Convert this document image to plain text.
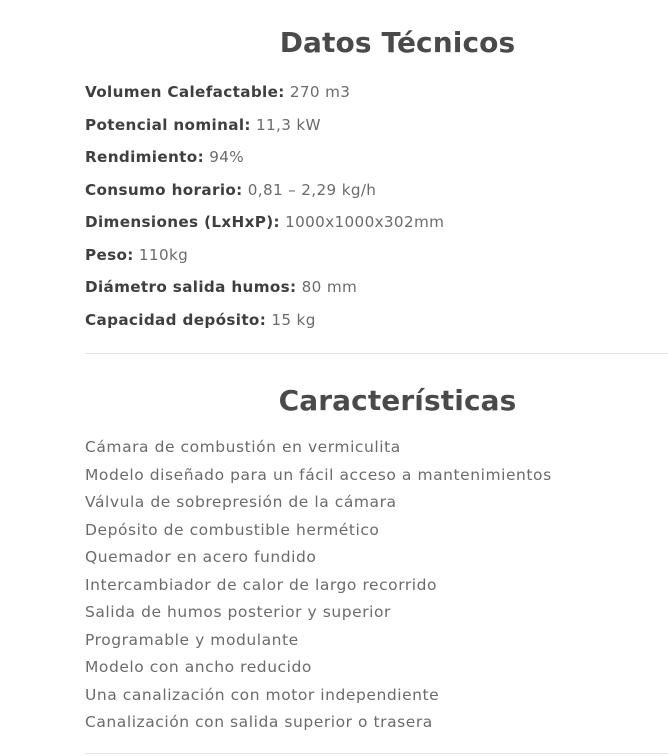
Datos Técnicos
Volumen Calefactable: 270 m3
Potencial nominal: 11,3 kW
Rendimiento: 94%
Consumo horario: 0,81 – 2,29 kg/h
Dimensiones (LxHxP): 1000x1000x302mm
Peso: 110kg
Diámetro salida humos: 80 mm
Capacidad depósito: 15 kg
Características
Cámara de combustión en vermiculita
Modelo diseñado para un fácil acceso a mantenimientos
Válvula de sobrepresión de la cámara
Depósito de combustible hermético
Quemador en acero fundido
Intercambiador de calor de largo recorrido
Salida de humos posterior y superior
Programable y modulante
Modelo con ancho reducido
Una canalización con motor independiente
Canalización con salida superior o trasera
